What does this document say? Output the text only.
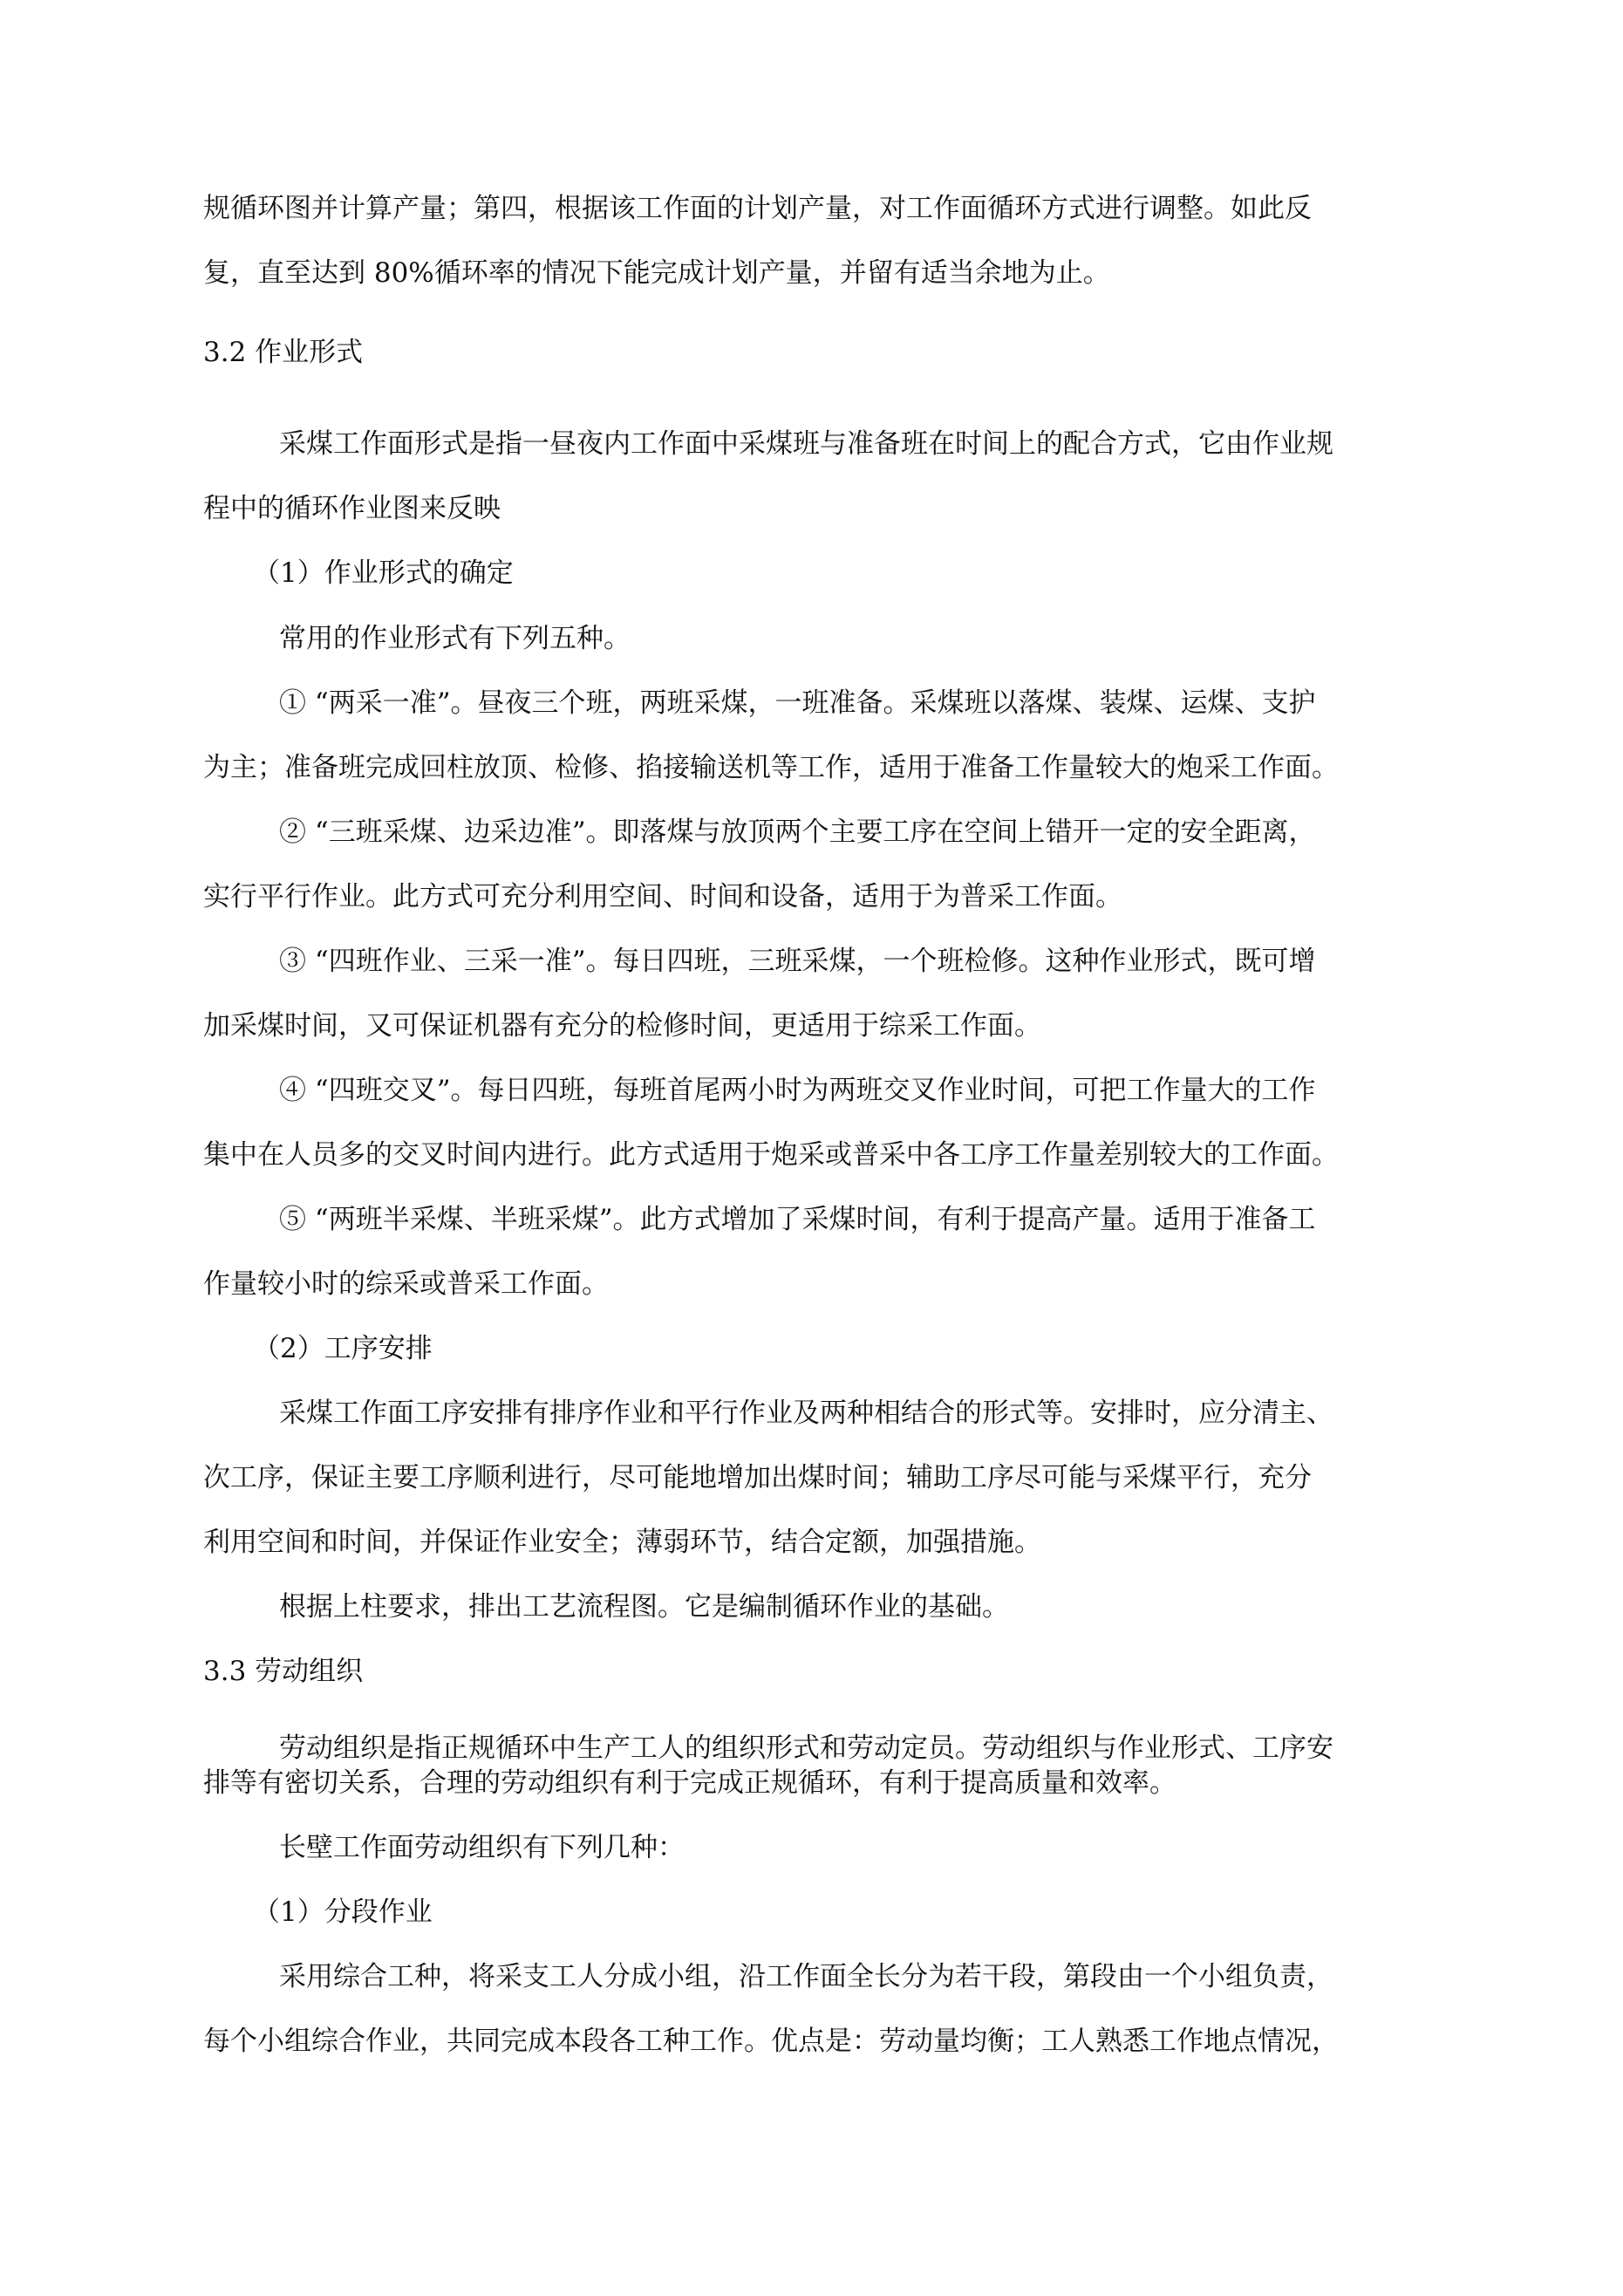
规循环图并计算产量；第四，根据该工作面的计划产量，对工作面循环方式进行调整。如此反
复，直至达到 80%循环率的情况下能完成计划产量，并留有适当余地为止。
3.2 作业形式
采煤工作面形式是指一昼夜内工作面中采煤班与准备班在时间上的配合方式，它由作业规
程中的循环作业图来反映
（1）作业形式的确定
常用的作业形式有下列五种。
① “两采一准”。昼夜三个班，两班采煤，一班准备。采煤班以落煤、装煤、运煤、支护
为主；准备班完成回柱放顶、检修、掐接输送机等工作，适用于准备工作量较大的炮采工作面。
② “三班采煤、边采边准”。即落煤与放顶两个主要工序在空间上错开一定的安全距离，
实行平行作业。此方式可充分利用空间、时间和设备，适用于为普采工作面。
③ “四班作业、三采一准”。每日四班，三班采煤，一个班检修。这种作业形式，既可增
加采煤时间，又可保证机器有充分的检修时间，更适用于综采工作面。
④ “四班交叉”。每日四班，每班首尾两小时为两班交叉作业时间，可把工作量大的工作
集中在人员多的交叉时间内进行。此方式适用于炮采或普采中各工序工作量差别较大的工作面。
⑤ “两班半采煤、半班采煤”。此方式增加了采煤时间，有利于提高产量。适用于准备工
作量较小时的综采或普采工作面。
（2）工序安排
采煤工作面工序安排有排序作业和平行作业及两种相结合的形式等。安排时，应分清主、
次工序，保证主要工序顺利进行，尽可能地增加出煤时间；辅助工序尽可能与采煤平行，充分
利用空间和时间，并保证作业安全；薄弱环节，结合定额，加强措施。
根据上柱要求，排出工艺流程图。它是编制循环作业的基础。
3.3 劳动组织
劳动组织是指正规循环中生产工人的组织形式和劳动定员。劳动组织与作业形式、工序安
排等有密切关系，合理的劳动组织有利于完成正规循环，有利于提高质量和效率。
长壁工作面劳动组织有下列几种：
（1）分段作业
采用综合工种，将采支工人分成小组，沿工作面全长分为若干段，第段由一个小组负责，
每个小组综合作业，共同完成本段各工种工作。优点是：劳动量均衡；工人熟悉工作地点情况，
